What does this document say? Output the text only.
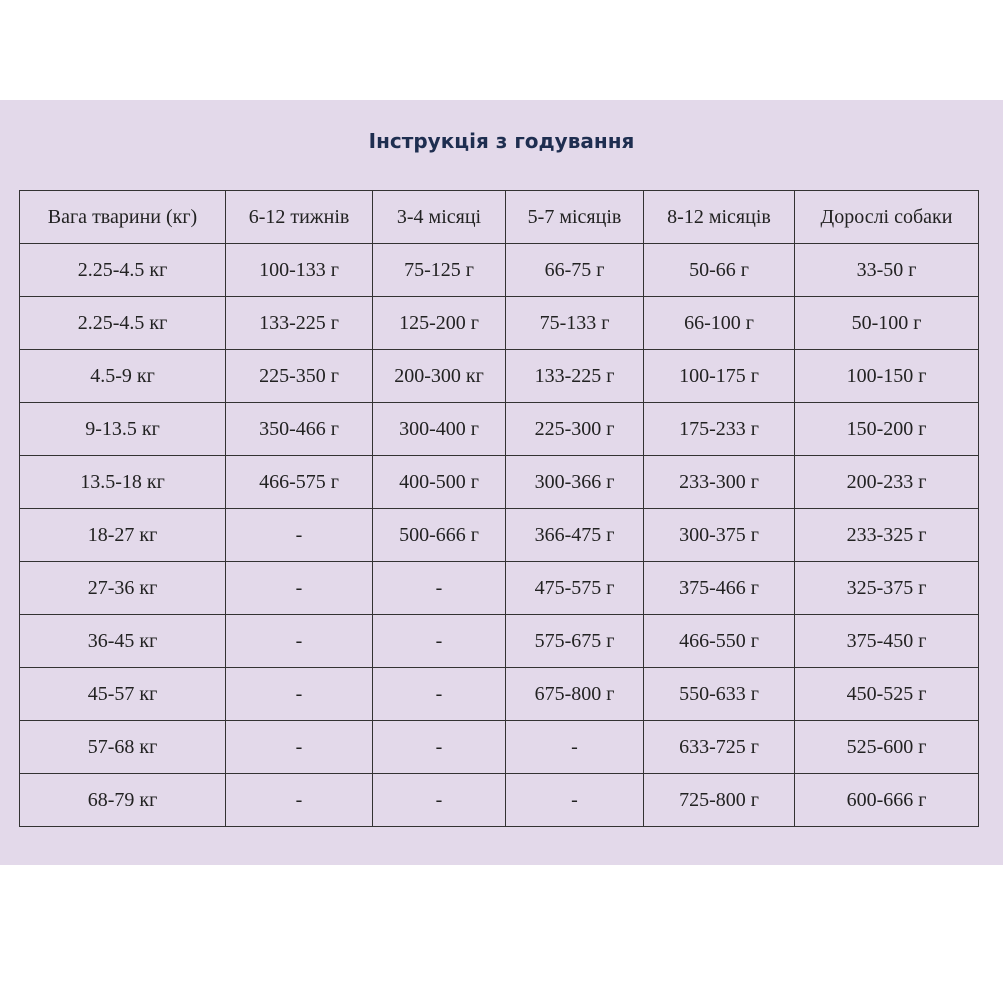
Інструкція з годування
Вага тварини (кг)	6-12 тижнів	3-4 місяці	5-7 місяців	8-12 місяців	Дорослі собаки
2.25-4.5 кг	100-133 г	75-125 г	66-75 г	50-66 г	33-50 г
2.25-4.5 кг	133-225 г	125-200 г	75-133 г	66-100 г	50-100 г
4.5-9 кг	225-350 г	200-300 кг	133-225 г	100-175 г	100-150 г
9-13.5 кг	350-466 г	300-400 г	225-300 г	175-233 г	150-200 г
13.5-18 кг	466-575 г	400-500 г	300-366 г	233-300 г	200-233 г
18-27 кг	-	500-666 г	366-475 г	300-375 г	233-325 г
27-36 кг	-	-	475-575 г	375-466 г	325-375 г
36-45 кг	-	-	575-675 г	466-550 г	375-450 г
45-57 кг	-	-	675-800 г	550-633 г	450-525 г
57-68 кг	-	-	-	633-725 г	525-600 г
68-79 кг	-	-	-	725-800 г	600-666 г
